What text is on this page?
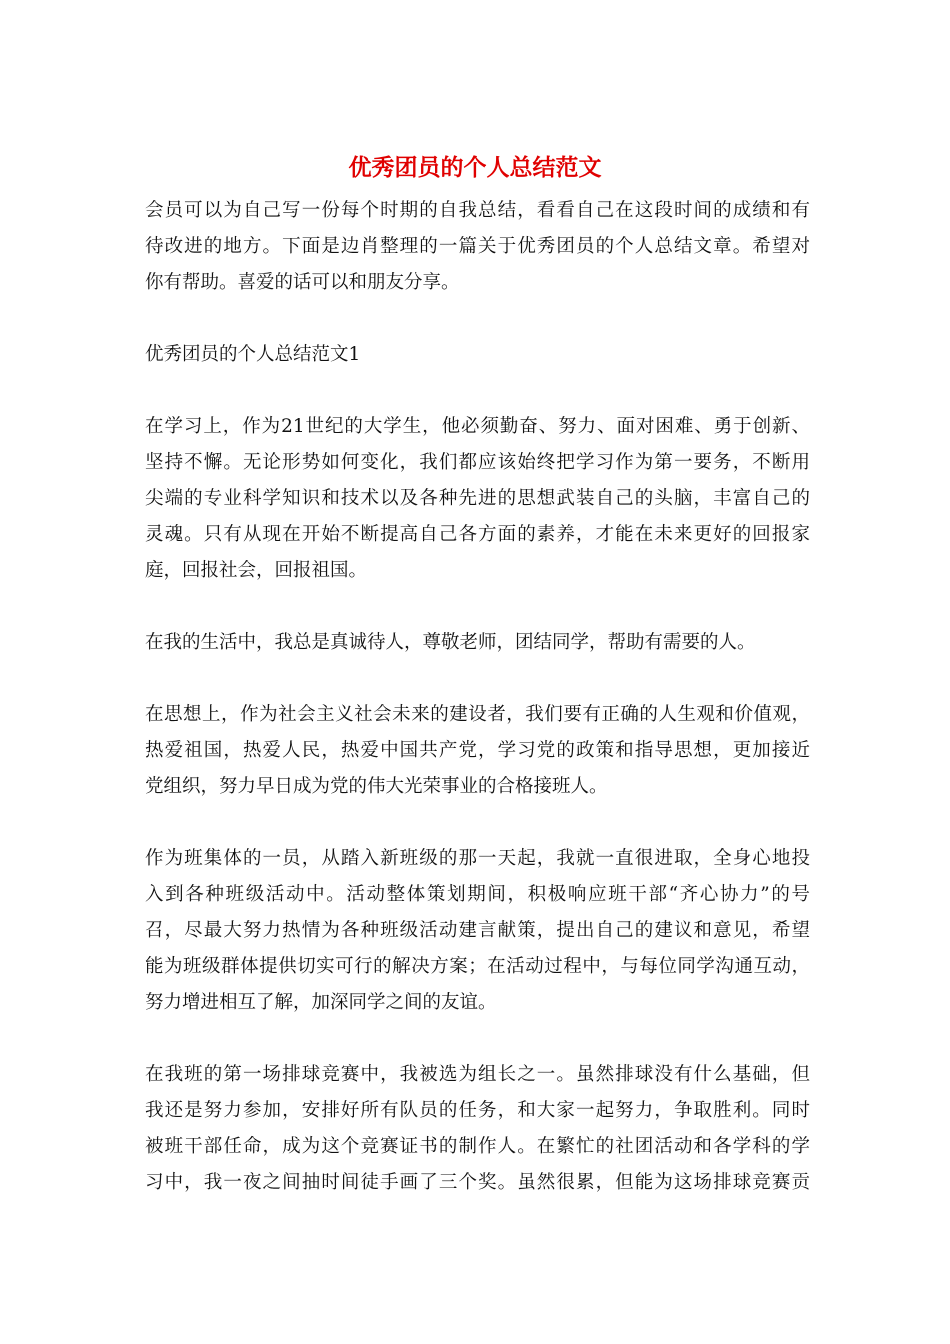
优秀团员的个人总结范文

会员可以为自己写一份每个时期的自我总结，看看自己在这段时间的成绩和有
待改进的地方。下面是边肖整理的一篇关于优秀团员的个人总结文章。希望对
你有帮助。喜爱的话可以和朋友分享。

优秀团员的个人总结范文1

在学习上，作为21世纪的大学生，他必须勤奋、努力、面对困难、勇于创新、
坚持不懈。无论形势如何变化，我们都应该始终把学习作为第一要务，不断用
尖端的专业科学知识和技术以及各种先进的思想武装自己的头脑，丰富自己的
灵魂。只有从现在开始不断提高自己各方面的素养，才能在未来更好的回报家
庭，回报社会，回报祖国。

在我的生活中，我总是真诚待人，尊敬老师，团结同学，帮助有需要的人。

在思想上，作为社会主义社会未来的建设者，我们要有正确的人生观和价值观，
热爱祖国，热爱人民，热爱中国共产党，学习党的政策和指导思想，更加接近
党组织，努力早日成为党的伟大光荣事业的合格接班人。

作为班集体的一员，从踏入新班级的那一天起，我就一直很进取，全身心地投
入到各种班级活动中。活动整体策划期间，积极响应班干部“齐心协力”的号
召，尽最大努力热情为各种班级活动建言献策，提出自己的建议和意见，希望
能为班级群体提供切实可行的解决方案；在活动过程中，与每位同学沟通互动，
努力增进相互了解，加深同学之间的友谊。

在我班的第一场排球竞赛中，我被选为组长之一。虽然排球没有什么基础，但
我还是努力参加，安排好所有队员的任务，和大家一起努力，争取胜利。同时
被班干部任命，成为这个竞赛证书的制作人。在繁忙的社团活动和各学科的学
习中，我一夜之间抽时间徒手画了三个奖。虽然很累，但能为这场排球竞赛贡
